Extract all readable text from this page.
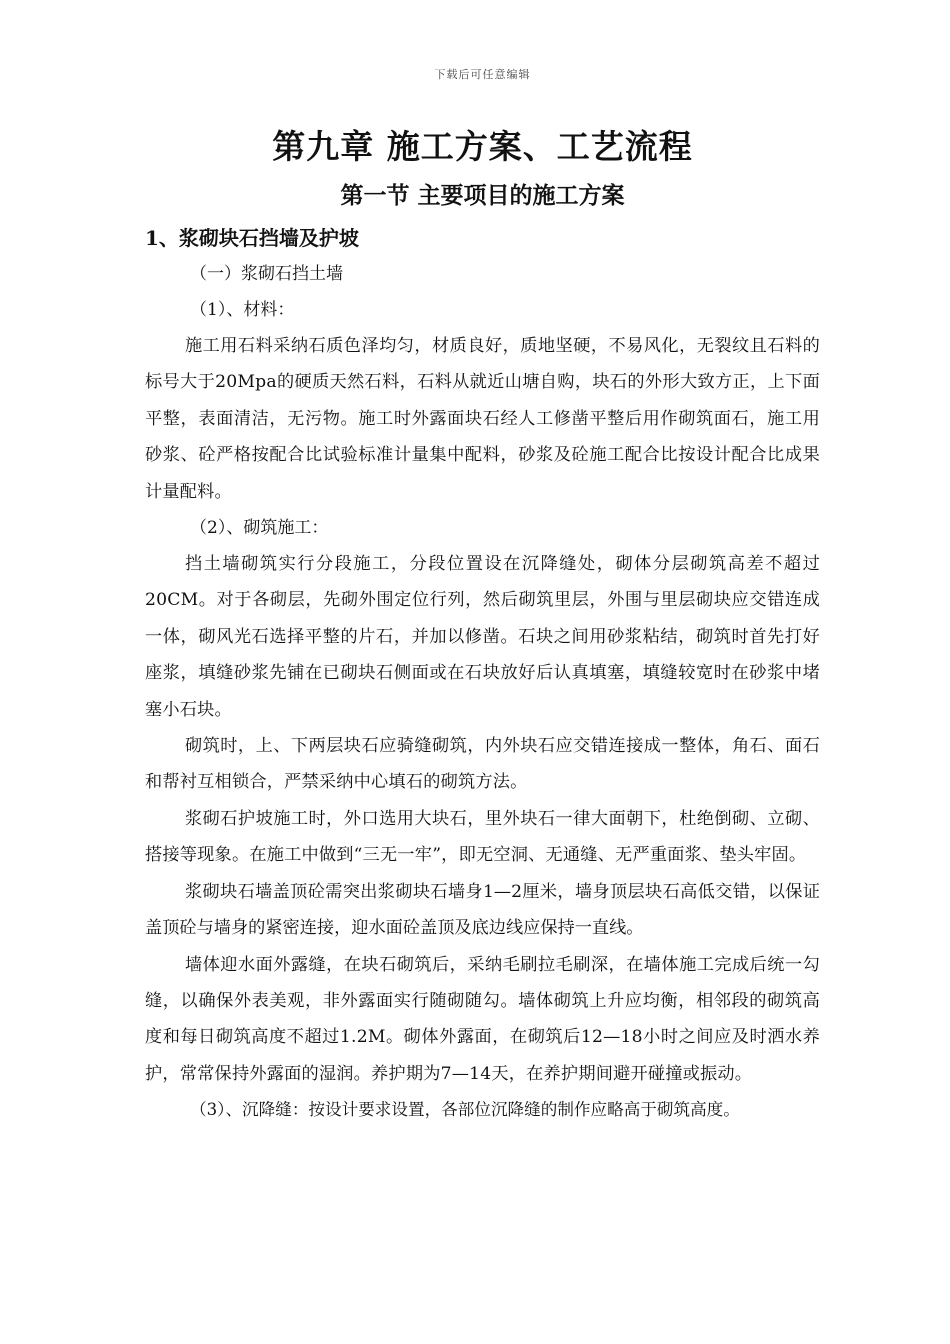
下载后可任意编辑
第九章 施工方案、工艺流程
第一节 主要项目的施工方案
1、浆砌块石挡墙及护坡
（一）浆砌石挡土墙
（1）、材料：

施工用石料采纳石质色泽均匀，材质良好，质地坚硬，不易风化，无裂纹且石料的标号大于20Mpa的硬质天然石料，石料从就近山塘自购，块石的外形大致方正，上下面平整，表面清洁，无污物。施工时外露面块石经人工修凿平整后用作砌筑面石，施工用砂浆、砼严格按配合比试验标准计量集中配料，砂浆及砼施工配合比按设计配合比成果计量配料。

（2）、砌筑施工：

挡土墙砌筑实行分段施工，分段位置设在沉降缝处，砌体分层砌筑高差不超过20CM。对于各砌层，先砌外围定位行列，然后砌筑里层，外围与里层砌块应交错连成一体，砌风光石选择平整的片石，并加以修凿。石块之间用砂浆粘结，砌筑时首先打好座浆，填缝砂浆先铺在已砌块石侧面或在石块放好后认真填塞，填缝较宽时在砂浆中堵塞小石块。

砌筑时，上、下两层块石应骑缝砌筑，内外块石应交错连接成一整体，角石、面石和帮衬互相锁合，严禁采纳中心填石的砌筑方法。

浆砌石护坡施工时，外口选用大块石，里外块石一律大面朝下，杜绝倒砌、立砌、搭接等现象。在施工中做到“三无一牢”，即无空洞、无通缝、无严重面浆、垫头牢固。

浆砌块石墙盖顶砼需突出浆砌块石墙身1—2厘米，墙身顶层块石高低交错，以保证盖顶砼与墙身的紧密连接，迎水面砼盖顶及底边线应保持一直线。

墙体迎水面外露缝，在块石砌筑后，采纳毛刷拉毛刷深，在墙体施工完成后统一勾缝，以确保外表美观，非外露面实行随砌随勾。墙体砌筑上升应均衡，相邻段的砌筑高度和每日砌筑高度不超过1.2M。砌体外露面，在砌筑后12—18小时之间应及时洒水养护，常常保持外露面的湿润。养护期为7—14天，在养护期间避开碰撞或振动。

（3）、沉降缝：按设计要求设置，各部位沉降缝的制作应略高于砌筑高度。
